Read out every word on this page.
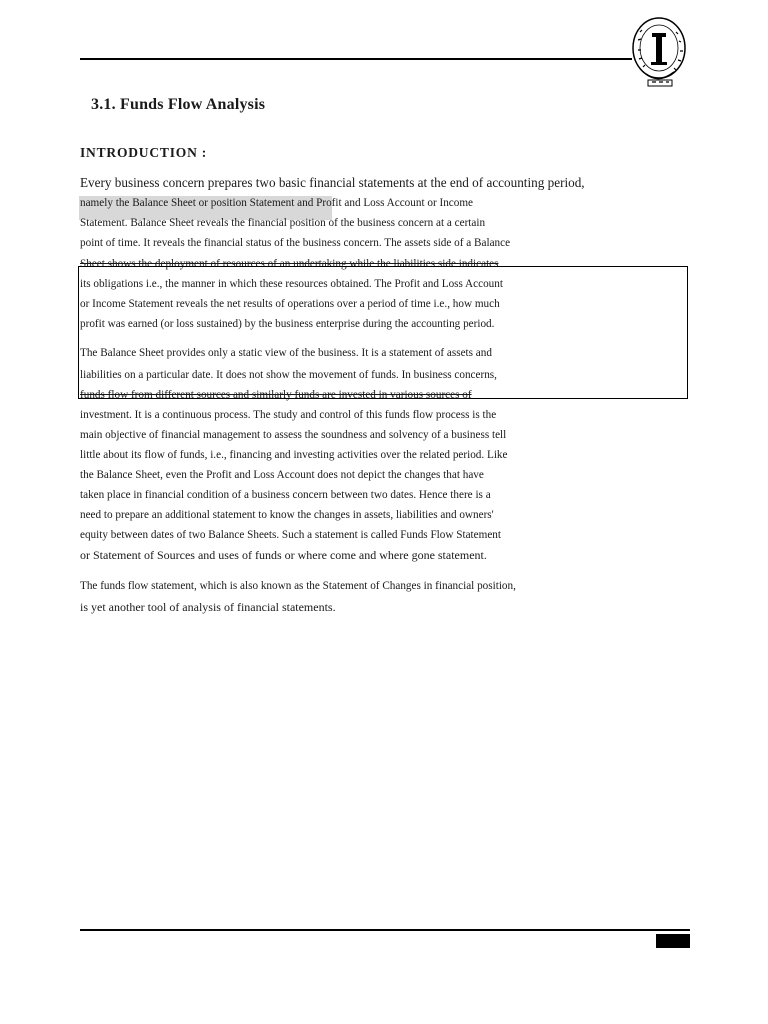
3.1. Funds Flow Analysis
INTRODUCTION :
Every business concern prepares two basic financial statements at the end of accounting period,
namely the Balance Sheet or position Statement and Profit and Loss Account or Income
Statement. Balance Sheet reveals the financial position of the business concern at a certain
point of time. It reveals the financial status of the business concern. The assets side of a Balance
Sheet shows the deployment of resources of an undertaking while the liabilities side indicates
its obligations i.e., the manner in which these resources obtained. The Profit and Loss Account
or Income Statement reveals the net results of operations over a period of time i.e., how much
profit was earned (or loss sustained) by the business enterprise during the accounting period.
The Balance Sheet provides only a static view of the business. It is a statement of assets and
liabilities on a particular date. It does not show the movement of funds. In business concerns,
funds flow from different sources and similarly funds are invested in various sources of
investment. It is a continuous process. The study and control of this funds flow process is the
main objective of financial management to assess the soundness and solvency of a business tell
little about its flow of funds, i.e., financing and investing activities over the related period. Like
the Balance Sheet, even the Profit and Loss Account does not depict the changes that have
taken place in financial condition of a business concern between two dates. Hence there is a
need to prepare an additional statement to know the changes in assets, liabilities and owners'
equity between dates of two Balance Sheets. Such a statement is called Funds Flow Statement
or Statement of Sources and uses of funds or where come and where gone statement.
The funds flow statement, which is also known as the Statement of Changes in financial position,
is yet another tool of analysis of financial statements.
